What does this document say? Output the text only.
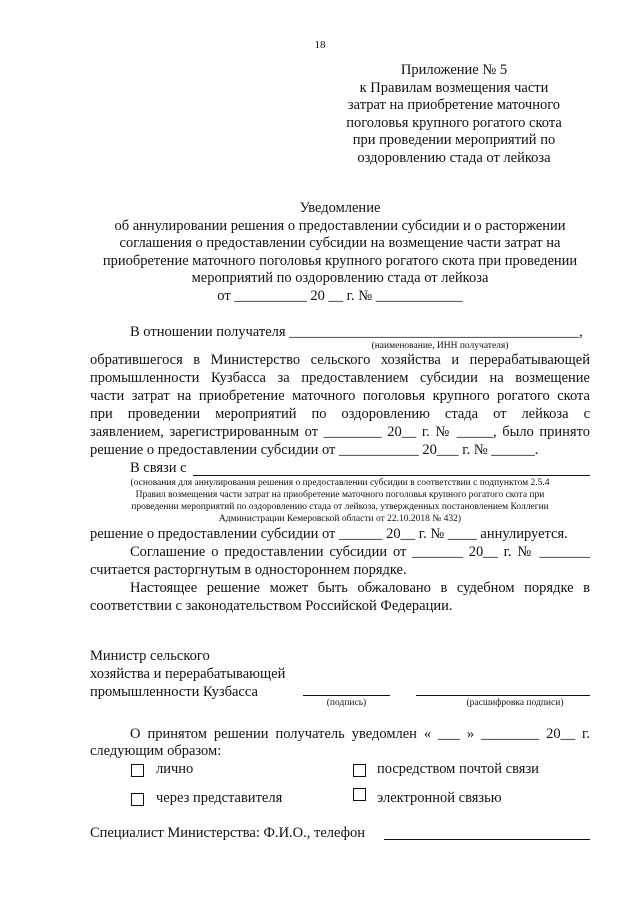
18
Приложение № 5
к Правилам возмещения части
затрат на приобретение маточного
поголовья крупного рогатого скота
при проведении мероприятий по
оздоровлению стада от лейкоза
Уведомление
об аннулировании решения о предоставлении субсидии и о расторжении
соглашения о предоставлении субсидии на возмещение части затрат на
приобретение маточного поголовья крупного рогатого скота при проведении
мероприятий по оздоровлению стада от лейкоза
от __________ 20 __ г. № ____________
В отношении получателя ________________________________________,
(наименование, ИНН получателя)
обратившегося в Министерство сельского хозяйства и перерабатывающей
промышленности Кузбасса за предоставлением субсидии на возмещение
части затрат на приобретение маточного поголовья крупного рогатого скота
при проведении мероприятий по оздоровлению стада от лейкоза с
заявлением, зарегистрированным от ________ 20__ г. № _____, было принято
решение о предоставлении субсидии от ___________ 20___ г. № ______.
В связи с
(основания для аннулирования решения о предоставлении субсидии в соответствии с подпунктом 2.5.4
Правил возмещения части затрат на приобретение маточного поголовья крупного рогатого скота при
проведении мероприятий по оздоровлению стада от лейкоза, утвержденных постановлением Коллегии
Администрации Кемеровской области от 22.10.2018 № 432)
решение о предоставлении субсидии от ______ 20__ г. № ____ аннулируется.
Соглашение о предоставлении субсидии от _______ 20__ г. № _______
считается расторгнутым в одностороннем порядке.
Настоящее решение может быть обжаловано в судебном порядке в
соответствии с законодательством Российской Федерации.
Министр сельского
хозяйства и перерабатывающей
промышленности Кузбасса
(подпись)	(расшифровка подписи)
О принятом решении получатель уведомлен « ___ » ________ 20__ г.
следующим образом:
лично	посредством почтой связи
через представителя	электронной связью
Специалист Министерства: Ф.И.О., телефон
